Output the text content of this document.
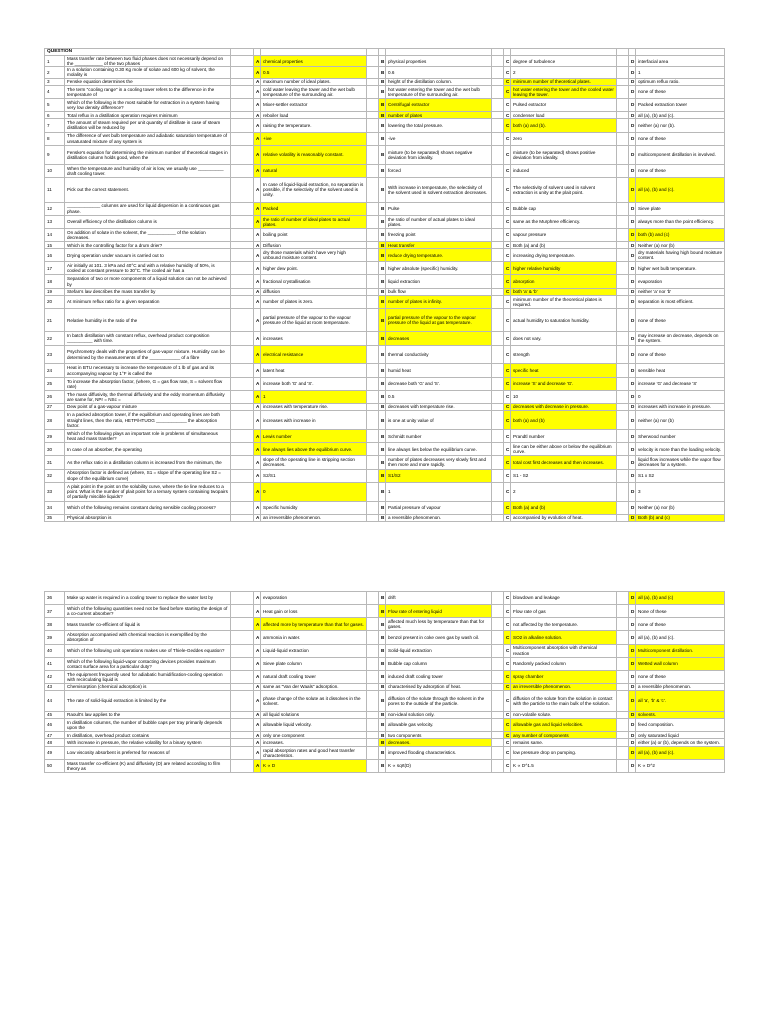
QUESTION													
1	Mass transfer rate between two fluid phases does not necessarily depend on the ___________ of the two phases		A	chemical properties		B	physical properties		C	degree of turbulence		D	interfacial area
2	In a solution containing 0.30 Kg mole of solute and 600 kg of solvent, the molality is		A	0.5		B	0.6		C	2		D	1
3	Fenske equation determines the		A	maximum number of ideal plates.		B	height of the distillation column.		C	minimum number of theoretical plates.		D	optimum reflux ratio.
4	The term "cooling range" in a cooling tower refers to the difference in the temperature of		A	cold water leaving the tower and the wet bulb temperature of the surrounding air.		B	hot water entering the tower and the wet bulb temperature of the surrounding air.		C	hot water entering the tower and the cooled water leaving the tower.		D	none of these
5	Which of the following is the most suitable for extraction in a system having very low density difference?		A	Mixer-settler extractor		B	Centrifugal extractor		C	Pulsed extractor		D	Packed extraction tower
6	Total reflux in a distillation operation requires minimum		A	reboiler load		B	number of plates		C	condenser load		D	all (a), (b) and (c).
7	The amount of steam required per unit quantity of distillate in case of steam distillation will be reduced by		A	raising the temperature.		B	lowering the total pressure.		C	both (a) and (b).		D	neither (a) nor (b).
8	The difference of wet bulb temperature and adiabatic saturation temperature of unsaturated mixture of any system is		A	+ive		B	-ive		C	zero		D	none of these
9	Fenske's equation for determining the minimum number of theoretical stages in distillation column holds good, when the		A	relative volatility is reasonably constant.		B	mixture (to be separated) shows negative deviation from ideality.		C	mixture (to be separated) shows positive deviation from ideality.		D	multicomponent distillation is involved.
10	When the temperature and humidity of air is low, we usually use __________ draft cooling tower.		A	natural		B	forced		C	induced		D	none of these
11	Pick out the correct statement.		A	In case of liquid-liquid extraction, no separation is possible, if the selectivity of the solvent used is unity.		B	With increase in temperature, the selectivity of the solvent used in solvent extraction decreases.		C	The selectivity of solvent used in solvent extraction is unity at the plait point.		D	all (a), (b) and (c).
12	_____________ columns are used for liquid dispersion in a continuous gas phase.		A	Packed		B	Pulse		C	Bubble cap		D	Sieve plate
13	Overall efficiency of the distillation column is		A	the ratio of number of ideal plates to actual plates.		B	the ratio of number of actual plates to ideal plates.		C	same as the Murphree efficiency.		D	always more than the point efficiency.
14	On addition of solute in the solvent, the ___________ of the solution decreases.		A	boiling point		B	freezing point		C	vapour pressure		D	both (b) and (c)
15	Which is the controlling factor for a drum drier?		A	Diffusion		B	Heat transfer		C	Both (a) and (b)		D	Neither (a) nor (b)
16	Drying operation under vacuum is carried out to		A	dry those materials which have very high unbound moisture content.		B	reduce drying temperature.		C	increasing drying temperature.		D	dry materials having high bound moisture content.
17	Air initially at 101. 3 kPa and 40°C and with a relative humidity of 50%, is cooled at constant pressure to 30°C. The cooled air has a		A	higher dew point.		B	higher absolute (specific) humidity.		C	higher relative humidity		D	higher wet bulb temperature.
18	Separation of two or more components of a liquid solution can not be achieved by		A	fractional crystallisation		B	liquid extraction		C	absorption		D	evaporation
19	Stefan's law describes the mass transfer by		A	diffusion		B	bulk flow		C	both 'a' & 'b'		D	neither 'a' nor 'b'
20	At minimum reflux ratio for a given separation		A	number of plates is zero.		B	number of plates is infinity.		C	minimum number of the theoretical plates is required.		D	separation is most efficient.
21	Relative humidity is the ratio of the		A	partial pressure of the vapour to the vapour pressure of the liquid at room temperature.		B	partial pressure of the vapour to the vapour pressure of the liquid at gas temperature.		C	actual humidity to saturation humidity.		D	none of these
22	In batch distillation with constant reflux, overhead product composition __________ with time.		A	increases		B	decreases		C	does not vary.		D	may increase on decrease, depends on the system.
23	Psychrometry deals with the properties of gas-vapor mixture. Humidity can be determined by the measurements of the ____________ of a fibre		A	electrical resistance		B	thermal conductivity		C	strength		D	none of these
24	Heat in BTU necessary to increase the temperature of 1 lb of gas and its accompanying vapour by 1°F is called the		A	latent heat		B	humid heat		C	specific heat		D	sensible heat
25	To increase the absorption factor, (where, G = gas flow rate, S = solvent flow rate)		A	increase both 'G' and 'S'.		B	decrease both 'G' and 'S'.		C	increase 'S' and decrease 'G'.		D	increase 'G' and decrease 'S'
26	The mass diffusivity, the thermal diffusivity and the eddy momentum diffusivity are same for, NPr = NSc =		A	1		B	0.5		C	10		D	0
27	Dew point of a gas-vapour mixture		A	increases with temperature rise.		B	decreases with temperature rise.		C	decreases with decrease in pressure.		D	increases with increase in pressure.
28	In a packed absorption tower, if the equilibrium and operating lines are both straight lines, then the ratio, HETP/HTUOG ____________ the absorption factor.		A	increases with increase in		B	is one at unity value of		C	both (a) and (b)		D	neither (a) nor (b)
29	Which of the following plays an important role in problems of simultaneous heat and mass transfer?		A	Lewis number		B	Schmidt number		C	Prandtl number		D	Sherwood number
30	In case of an absorber, the operating		A	line always lies above the equilibrium curve.		B	line always lies below the equilibrium curve.		C	line can be either above or below the equilibrium curve.		D	velocity is more than the loading velocity.
31	As the reflux ratio in a distillation column is increased from the minimum, the		A	slope of the operating line in stripping section decreases.		B	number of plates decreases very slowly first and then more and more rapidly.		C	total cost first decreases and then increases.		D	liquid flow increases while the vapor flow decreases for a system.
32	Absorption factor is defined as (where, S1 = slope of the operating line S2 = slope of the equilibrium curve)		A	S2/S1		B	S1/S2		C	S1 - S2		D	S1 x S2
33	A plait point in the point on the solubility curve, where the tie line reduces to a point. What is the number of plait point for a ternary system containing twopairs of partially miscible liquids?		A	0		B	1		C	2		D	3
34	Which of the following remains constant during sensible cooling process?		A	Specific humidity		B	Partial pressure of vapour		C	Both (a) and (b)		D	Neither (a) nor (b)
35	Physical absorption is		A	an irreversible phenomenon.		B	a reversible phenomenon.		C	accompanied by evolution of heat.		D	Both (b) and (c)
36	Make up water is required in a cooling tower to replace the water lost by		A	evaporation		B	drift		C	blowdown and leakage		D	all (a), (b) and (c)
37	Which of the following quantities need not be fixed before starting the design of a co-current absorber?		A	Heat gain or loss		B	Flow rate of entering liquid		C	Flow rate of gas		D	None of these
38	Mass transfer co-efficient of liquid is		A	affected more by temperature than that for gases.		B	affected much less by temperature than that for gases.		C	not affected by the temperature.		D	none of these
39	Absorption accompanied with chemical reaction is exemplified by the absorption of		A	ammonia in water.		B	benzol present in coke oven gas by wash oil.		C	SO2 in alkaline solution.		D	all (a), (b) and (c).
40	Which of the following unit operations makes use of Thiele-Geddes equation?		A	Liquid-liquid extraction		B	Solid-liquid extraction		C	Multicomponent absorption with chemical reaction		D	Multicomponent distillation.
41	Which of the following liquid-vapor contacting devices provides maximum contact surface area for a particular duty?		A	Sieve plate column		B	Bubble cap column		C	Randomly packed column		D	Wetted wall column
42	The equipment frequently used for adiabatic humidification-cooling operation with recirculating liquid is		A	natural draft cooling tower		B	induced draft cooling tower		C	spray chamber		D	none of these
43	Chemisorption (chemical adsorption) is		A	same as "Van der Waals" adsorption.		B	characterised by adsorption of heat.		C	an irreversible phenomenon.		D	a reversible phenomenon.
44	The rate of solid-liquid extraction is limited by the		A	phase change of the solute as it dissolves in the solvent.		B	diffusion of the solute through the solvent in the pores to the outside of the particle.		C	diffusion of the solute from the solution in contact with the particle to the main bulk of the solution.		D	all 'a', 'b' & 'c'.
45	Raoult's law applies to the		A	all liquid solutions		B	non-ideal solution only.		C	non-volatile solute.		D	solvents.
46	In distillation columns, the number of bubble caps per tray primarily depends upon the		A	allowable liquid velocity.		B	allowable gas velocity.		C	allowable gas and liquid velocities.		D	feed composition.
47	In distillation, overhead product contains		A	only one component		B	two components		C	any number of components		D	only saturated liquid
48	With increase in pressure, the relative volatility for a binary system		A	increases.		B	decreases.		C	remains same.		D	either (a) or (b), depends on the system.
49	Low viscosity absorbent is preferred for reasons of		A	rapid absorption rates and good heat transfer characteristics.		B	improved flooding characteristics.		C	low pressure drop on pumping.		D	all (a), (b) and (c).
50	Mass transfer co-efficient (K) and diffusivity (D) are related according to film theory as		A	K ∝ D		B	K ∝ sqrt(D)		C	K ∝ D^1.5		D	K ∝ D^2
